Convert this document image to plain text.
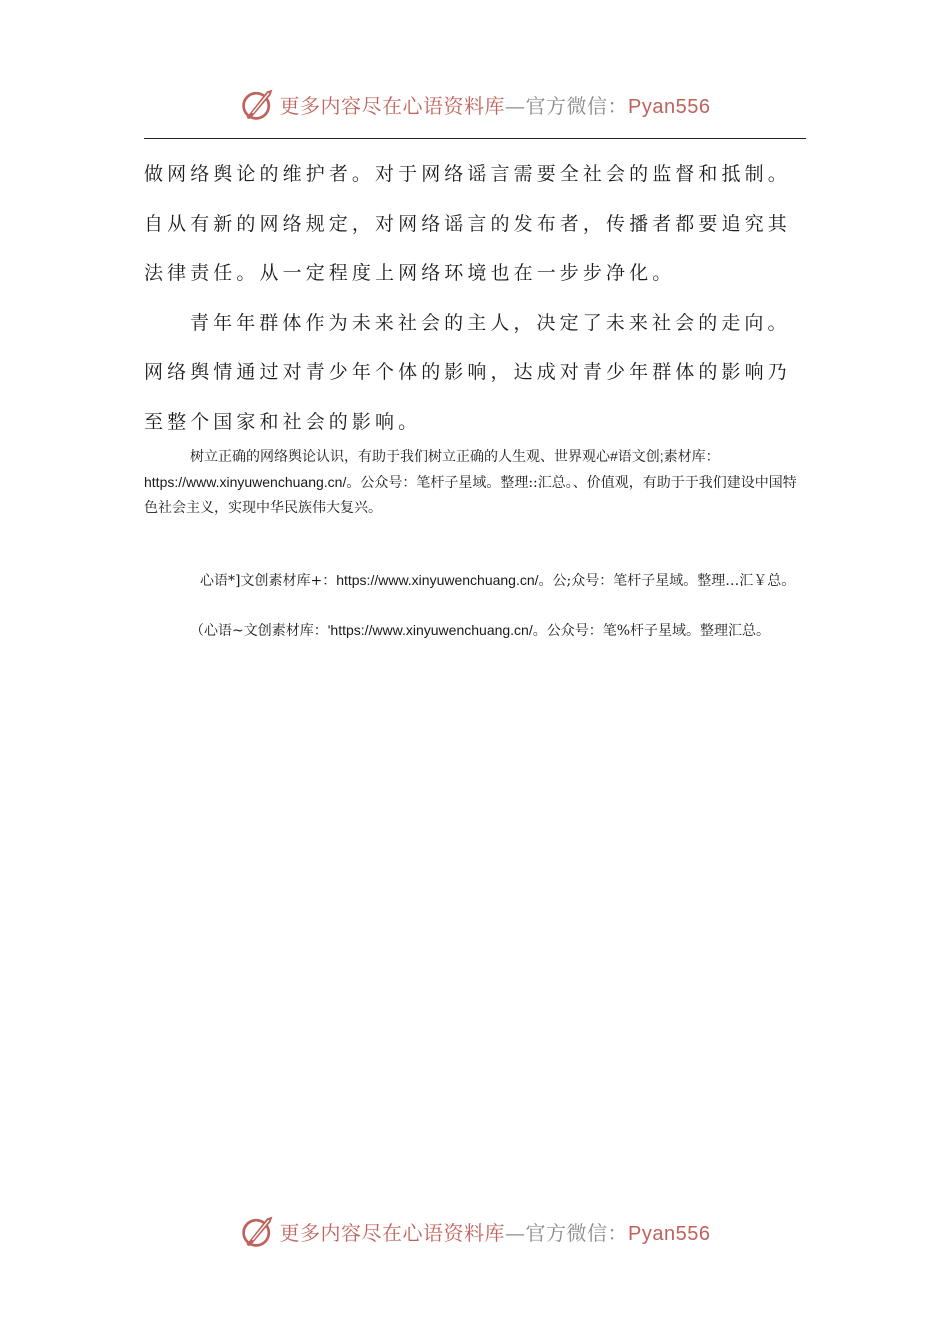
更多内容尽在心语资料库—官方微信：Pyan556

做网络舆论的维护者。对于网络谣言需要全社会的监督和抵制。自从有新的网络规定，对网络谣言的发布者，传播者都要追究其法律责任。从一定程度上网络环境也在一步步净化。

青年年群体作为未来社会的主人，决定了未来社会的走向。网络舆情通过对青少年个体的影响，达成对青少年群体的影响乃至整个国家和社会的影响。

树立正确的网络舆论认识，有助于我们树立正确的人生观、世界观心#语文创;素材库：https://www.xinyuwenchuang.cn/。公众号：笔杆子星域。整理::汇总。、价值观，有助于于我们建设中国特色社会主义，实现中华民族伟大复兴。

心语*]文创素材库+：https://www.xinyuwenchuang.cn/。公;众号：笔杆子星域。整理…汇￥总。

（心语~文创素材库：'https://www.xinyuwenchuang.cn/。公众号：笔%杆子星域。整理汇总。

更多内容尽在心语资料库—官方微信：Pyan556
